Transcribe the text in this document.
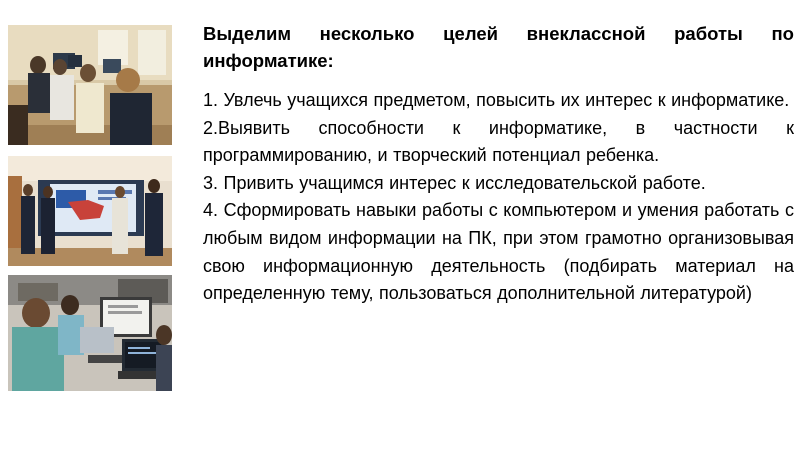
Выделим несколько целей внеклассной работы по информатике:

1. Увлечь учащихся предметом, повысить их интерес к информатике.
2.Выявить способности к информатике, в частности к программированию, и творческий потенциал ребенка.
3. Привить учащимся интерес к исследовательской работе.
4. Сформировать навыки работы с компьютером и умения работать с любым видом информации на ПК, при этом грамотно организовывая свою информационную деятельность (подбирать материал на определенную тему, пользоваться дополнительной литературой)
